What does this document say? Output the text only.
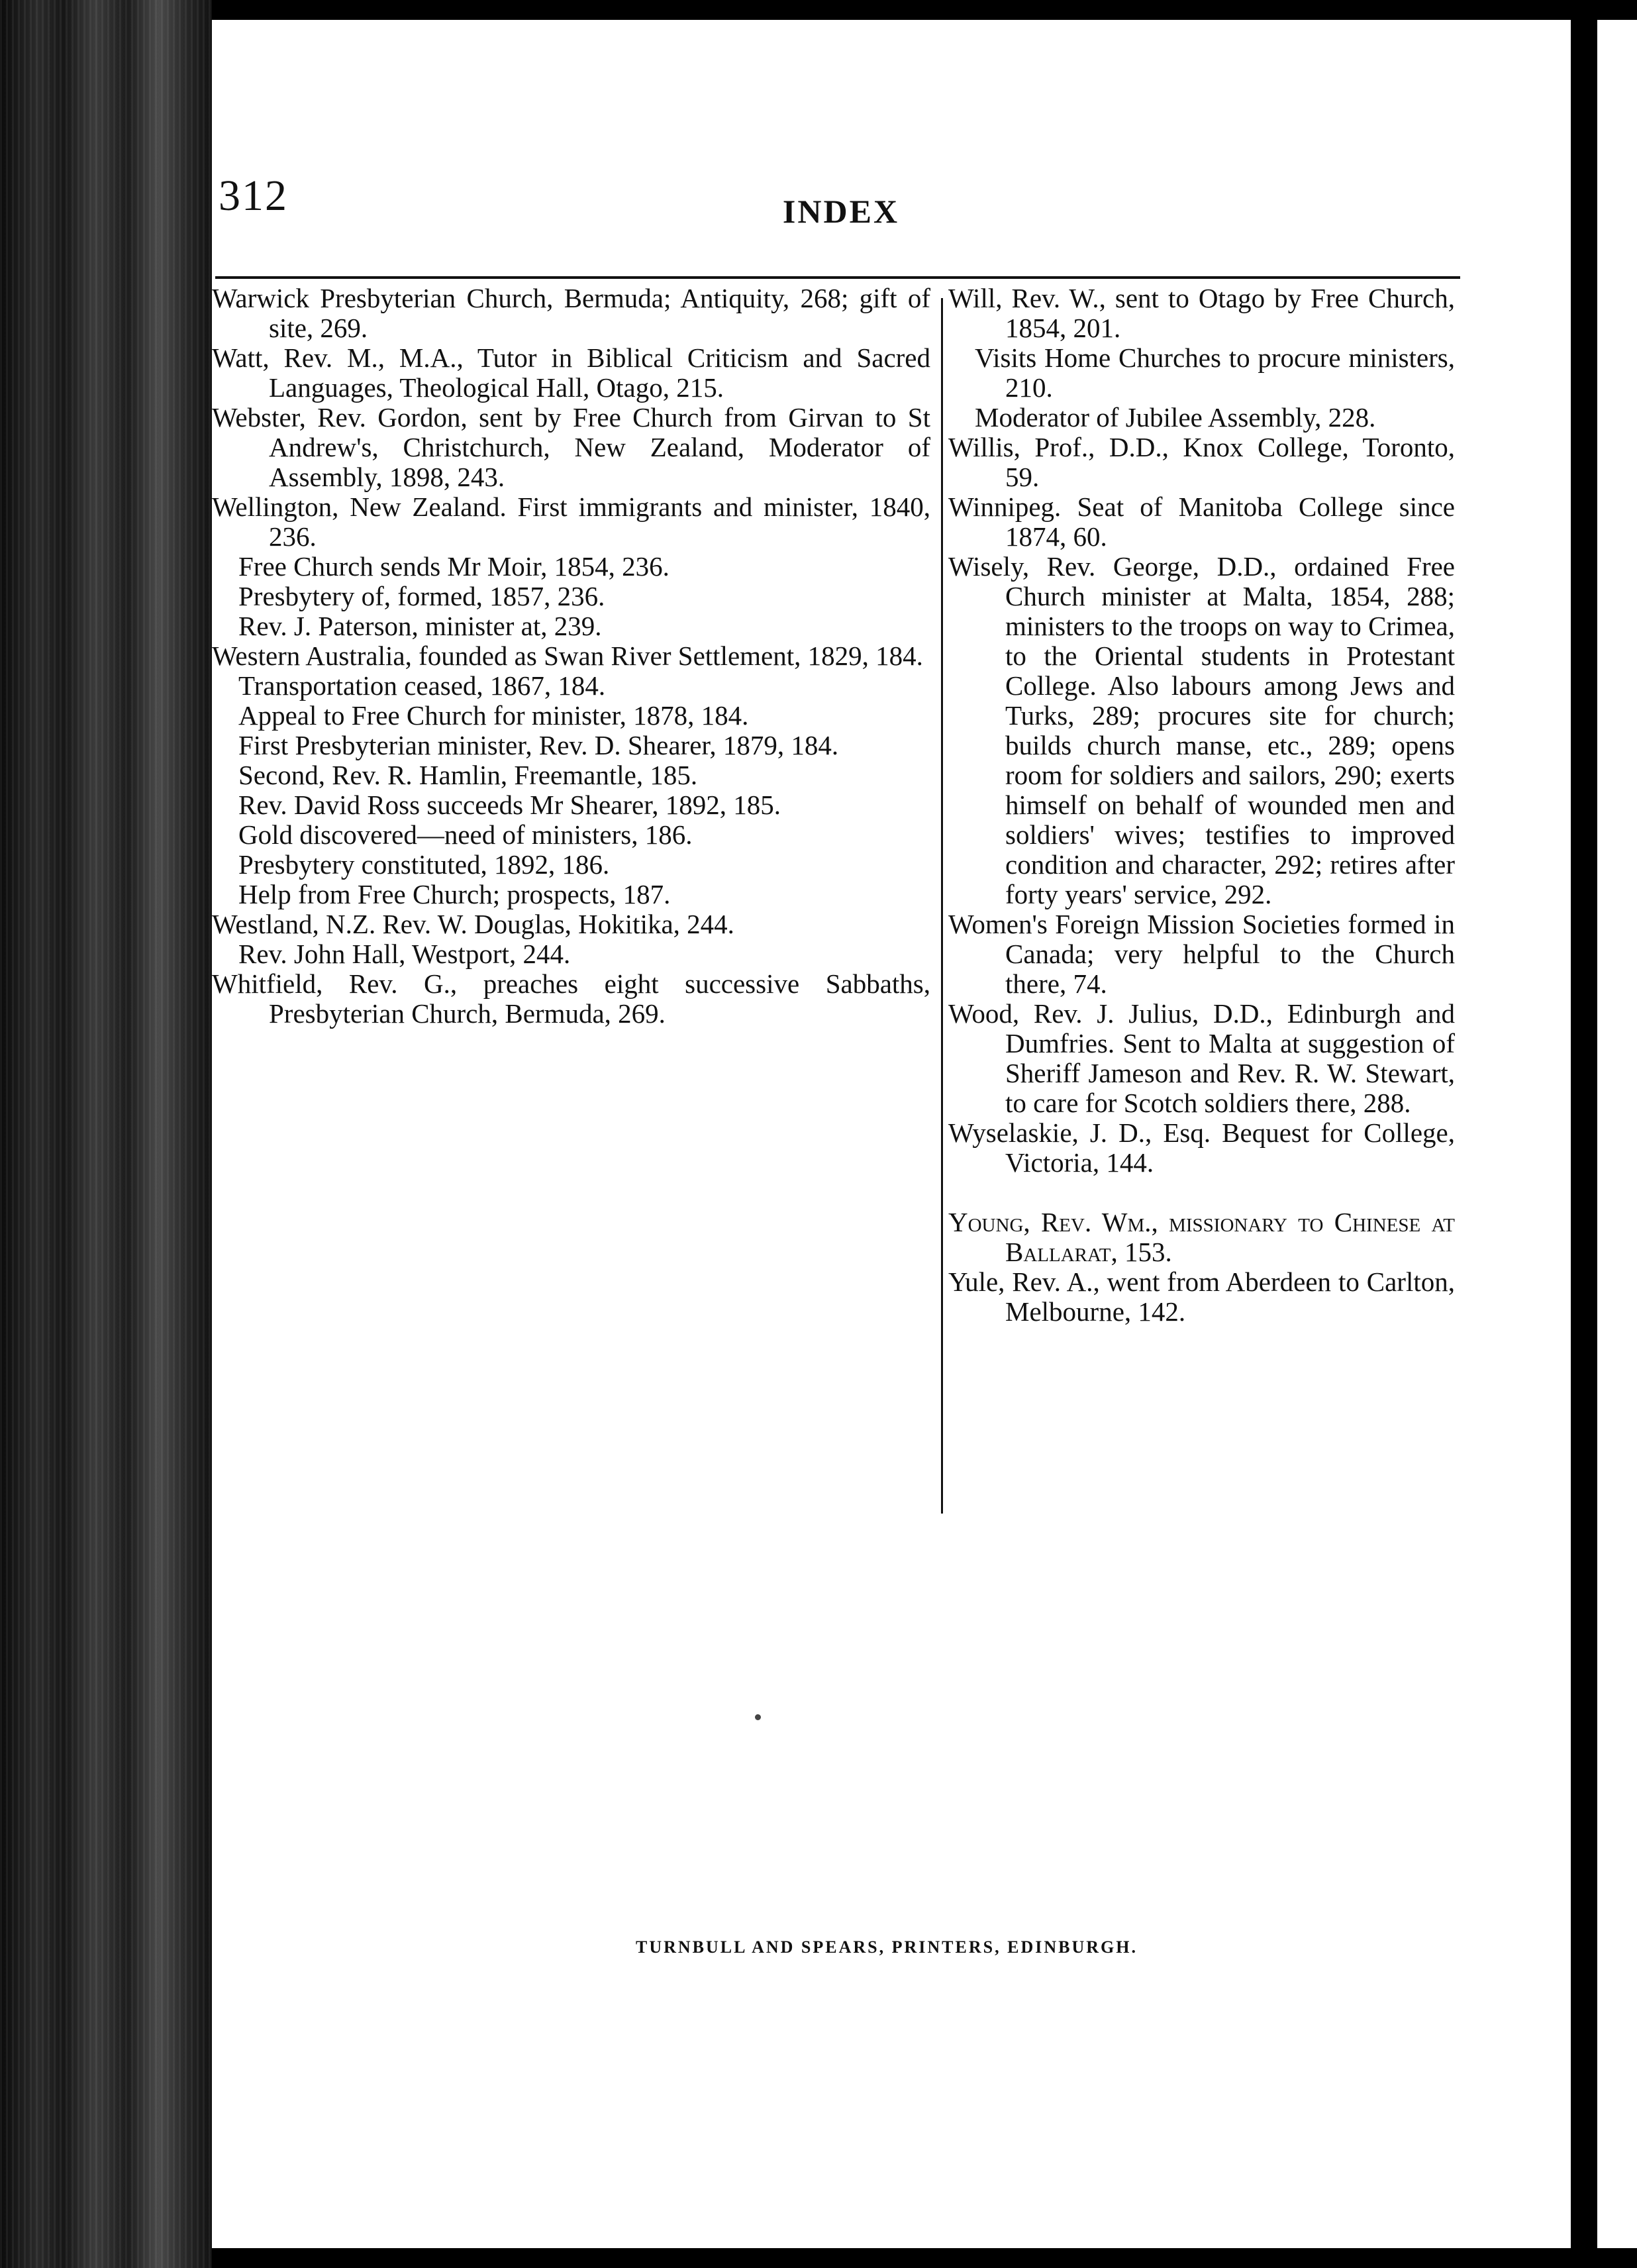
312	INDEX
Warwick Presbyterian Church, Bermuda; Antiquity, 268; gift of site, 269.
Watt, Rev. M., M.A., Tutor in Biblical Criticism and Sacred Languages, Theological Hall, Otago, 215.
Webster, Rev. Gordon, sent by Free Church from Girvan to St Andrew's, Christchurch, New Zealand, Moderator of Assembly, 1898, 243.
Wellington, New Zealand. First immigrants and minister, 1840, 236.
Free Church sends Mr Moir, 1854, 236.
Presbytery of, formed, 1857, 236.
Rev. J. Paterson, minister at, 239.
Western Australia, founded as Swan River Settlement, 1829, 184.
Transportation ceased, 1867, 184.
Appeal to Free Church for minister, 1878, 184.
First Presbyterian minister, Rev. D. Shearer, 1879, 184.
Second, Rev. R. Hamlin, Freemantle, 185.
Rev. David Ross succeeds Mr Shearer, 1892, 185.
Gold discovered—need of ministers, 186.
Presbytery constituted, 1892, 186.
Help from Free Church; prospects, 187.
Westland, N.Z. Rev. W. Douglas, Hokitika, 244.
Rev. John Hall, Westport, 244.
Whitfield, Rev. G., preaches eight successive Sabbaths, Presbyterian Church, Bermuda, 269.
Will, Rev. W., sent to Otago by Free Church, 1854, 201.
Visits Home Churches to procure ministers, 210.
Moderator of Jubilee Assembly, 228.
Willis, Prof., D.D., Knox College, Toronto, 59.
Winnipeg. Seat of Manitoba College since 1874, 60.
Wisely, Rev. George, D.D., ordained Free Church minister at Malta, 1854, 288; ministers to the troops on way to Crimea, to the Oriental students in Protestant College. Also labours among Jews and Turks, 289; procures site for church; builds church manse, etc., 289; opens room for soldiers and sailors, 290; exerts himself on behalf of wounded men and soldiers' wives; testifies to improved condition and character, 292; retires after forty years' service, 292.
Women's Foreign Mission Societies formed in Canada; very helpful to the Church there, 74.
Wood, Rev. J. Julius, D.D., Edinburgh and Dumfries. Sent to Malta at suggestion of Sheriff Jameson and Rev. R. W. Stewart, to care for Scotch soldiers there, 288.
Wyselaskie, J. D., Esq. Bequest for College, Victoria, 144.
Young, Rev. Wm., missionary to Chinese at Ballarat, 153.
Yule, Rev. A., went from Aberdeen to Carlton, Melbourne, 142.
TURNBULL AND SPEARS, PRINTERS, EDINBURGH.
